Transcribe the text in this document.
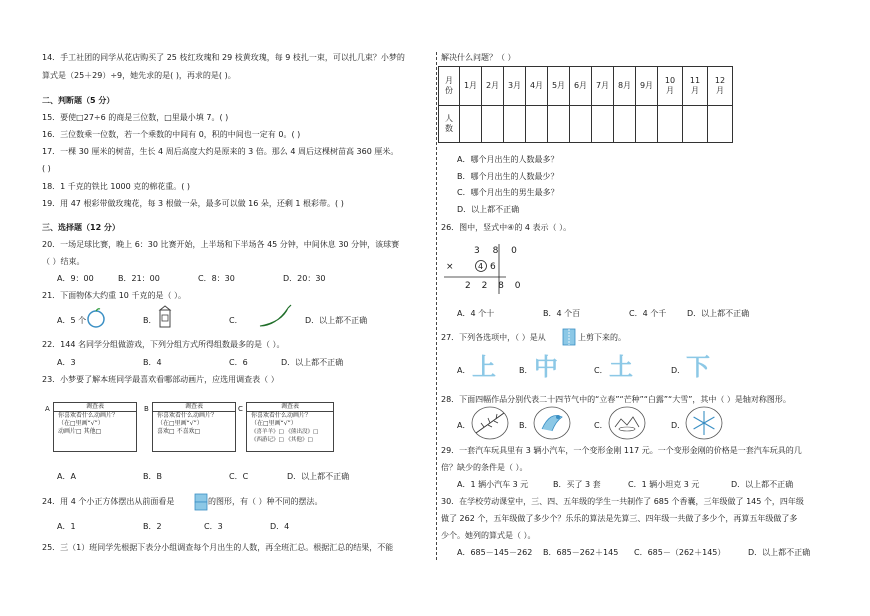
14．手工社团的同学从花店购买了 25 枝红玫瑰和 29 枝黄玫瑰，每 9 枝扎一束，可以扎几束？小梦的
算式是（25＋29）÷9，她先求的是( )，再求的是( )。
二、判断题（5 分）
15．要使□27÷6 的商是三位数，□里最小填 7。( )
16．三位数乘一位数，若一个乘数的中间有 0，积的中间也一定有 0。( )
17．一棵 30 厘米的树苗，生长 4 周后高度大约是原来的 3 倍。那么 4 周后这棵树苗高 360 厘米。
( )
18．1 千克的铁比 1000 克的棉花重。( )
19．用 47 根彩带做玫瑰花，每 3 根做一朵，最多可以做 16 朵，还剩 1 根彩带。( )
三、选择题（12 分）
20．一场足球比赛，晚上 6：30 比赛开始，上半场和下半场各 45 分钟，中间休息 30 分钟，该球赛
（ ）结束。
A．9：00	B．21：00	C．8：30	D．20：30
21．下面物体大约重 10 千克的是（ ）。
A．5 个	B．	C．	D．以上都不正确
22．144 名同学分组做游戏，下列分组方式所得组数最多的是（ ）。
A．3	B．4	C．6	D．以上都不正确
23．小梦要了解本班同学最喜欢看哪部动画片，应选用调查表（ ）
A	调查表
你喜欢看什么动画片？
（在□里画“√”）
动画片□ 其他□
B	调查表
你喜欢看什么动画片？
（在□里画“√”）
喜欢□ 不喜欢□
C	调查表
你喜欢看什么动画片？
（在□里画“√”）
《喜羊羊》□ 《熊出没》□
《西游记》□ 《其他》□
A．A	B．B	C．C	D．以上都不正确
24．用 4 个小正方体摆出从前面看是	的图形，有（ ）种不同的摆法。
A．1	B．2	C．3	D．4
25．三（1）班同学先根据下表分小组调查每个月出生的人数，再全班汇总。根据汇总的结果，不能
解决什么问题？（ ）
月份	1月	2月	3月	4月	5月	6月	7月	8月	9月	10月	11月	12月
人数												
A．哪个月出生的人数最多？
B．哪个月出生的人数最少？
C．哪个月出生的男生最多？
D．以上都不正确
26．图中，竖式中④的 4 表示（ ）。
3 8 0
×	4 6
2 2 8 0
A．4 个十	B．4 个百	C．4 个千	D．以上都不正确
27．下列各选项中，（ ）是从	上剪下来的。
A． 上	B． 中	C． 土	D． 下
28．下面四幅作品分别代表二十四节气中的“立春”“芒种”“白露”“大雪”，其中（ ）是轴对称图形。
A．	B．	C．	D．
29．一套汽车玩具里有 3 辆小汽车，一个变形金刚 117 元。一个变形金刚的价格是一套汽车玩具的几
倍？缺少的条件是（ ）。
A．1 辆小汽车 3 元	B．买了 3 套	C．1 辆小坦克 3 元	D．以上都不正确
30．在学校劳动课堂中，三、四、五年级的学生一共制作了 685 个香囊，三年级做了 145 个，四年级
做了 262 个，五年级做了多少个？乐乐的算法是先算三、四年级一共做了多少个，再算五年级做了多
少个。她列的算式是（ ）。
A．685－145－262 B．685－262＋145 C．685－（262＋145）	D．以上都不正确
